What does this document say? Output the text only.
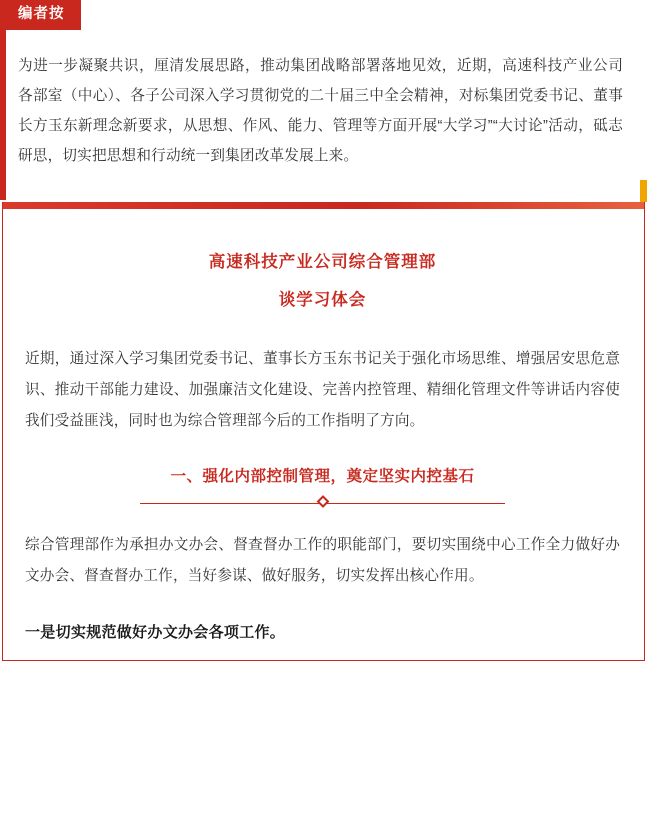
编者按
为进一步凝聚共识，厘清发展思路，推动集团战略部署落地见效，近期，高速科技产业公司各部室（中心）、各子公司深入学习贯彻党的二十届三中全会精神，对标集团党委书记、董事长方玉东新理念新要求，从思想、作风、能力、管理等方面开展“大学习”“大讨论”活动，砥志研思，切实把思想和行动统一到集团改革发展上来。
高速科技产业公司综合管理部
谈学习体会

近期，通过深入学习集团党委书记、董事长方玉东书记关于强化市场思维、增强居安思危意识、推动干部能力建设、加强廉洁文化建设、完善内控管理、精细化管理文件等讲话内容使我们受益匪浅，同时也为综合管理部今后的工作指明了方向。

一、强化内部控制管理，奠定坚实内控基石

综合管理部作为承担办文办会、督查督办工作的职能部门，要切实围绕中心工作全力做好办文办会、督查督办工作，当好参谋、做好服务，切实发挥出核心作用。

一是切实规范做好办文办会各项工作。
